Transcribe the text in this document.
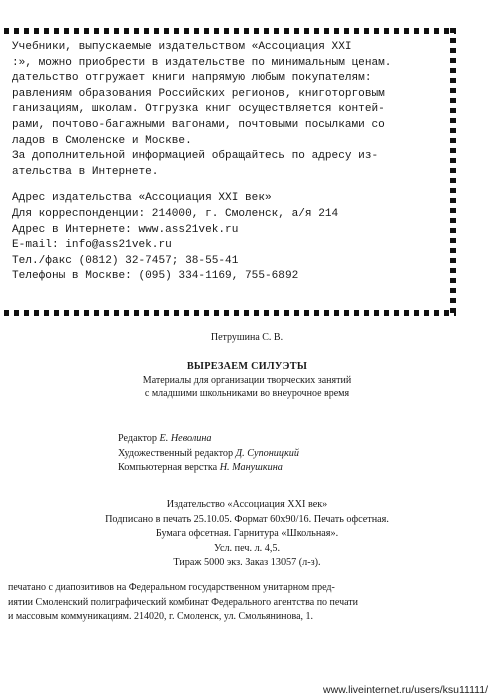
Учебники, выпускаемые издательством «Ассоциация XXI
:», можно приобрести в издательстве по минимальным ценам.
дательство отгружает книги напрямую любым покупателям:
равлениям образования Российских регионов, книготорговым
ганизациям, школам. Отгрузка книг осуществляется контей-
рами, почтово-багажными вагонами, почтовыми посылками со
ладов в Смоленске и Москве.
За дополнительной информацией обращайтесь по адресу из-
ательства в Интернете.
Адрес издательства «Ассоциация XXI век»
Для корреспонденции: 214000, г. Смоленск, а/я 214
Адрес в Интернете: www.ass21vek.ru
E-mail: info@ass21vek.ru
Тел./факс (0812) 32-7457; 38-55-41
Телефоны в Москве: (095) 334-1169, 755-6892
Петрушина С. В.
ВЫРЕЗАЕМ СИЛУЭТЫ
Материалы для организации творческих занятий
с младшими школьниками во внеурочное время
Редактор Е. Неволина
Художественный редактор Д. Супоницкий
Компьютерная верстка Н. Манушкина
Издательство «Ассоциация XXI век»
Подписано в печать 25.10.05. Формат 60х90/16. Печать офсетная.
Бумага офсетная. Гарнитура «Школьная».
Усл. печ. л. 4,5.
Тираж 5000 экз. Заказ 13057 (л-з).
печатано с диапозитивов на Федеральном государственном унитарном пред-
иятии Смоленский полиграфический комбинат Федерального агентства по печати
и массовым коммуникациям. 214020, г. Смоленск, ул. Смольянинова, 1.
www.liveinternet.ru/users/ksu11111/
